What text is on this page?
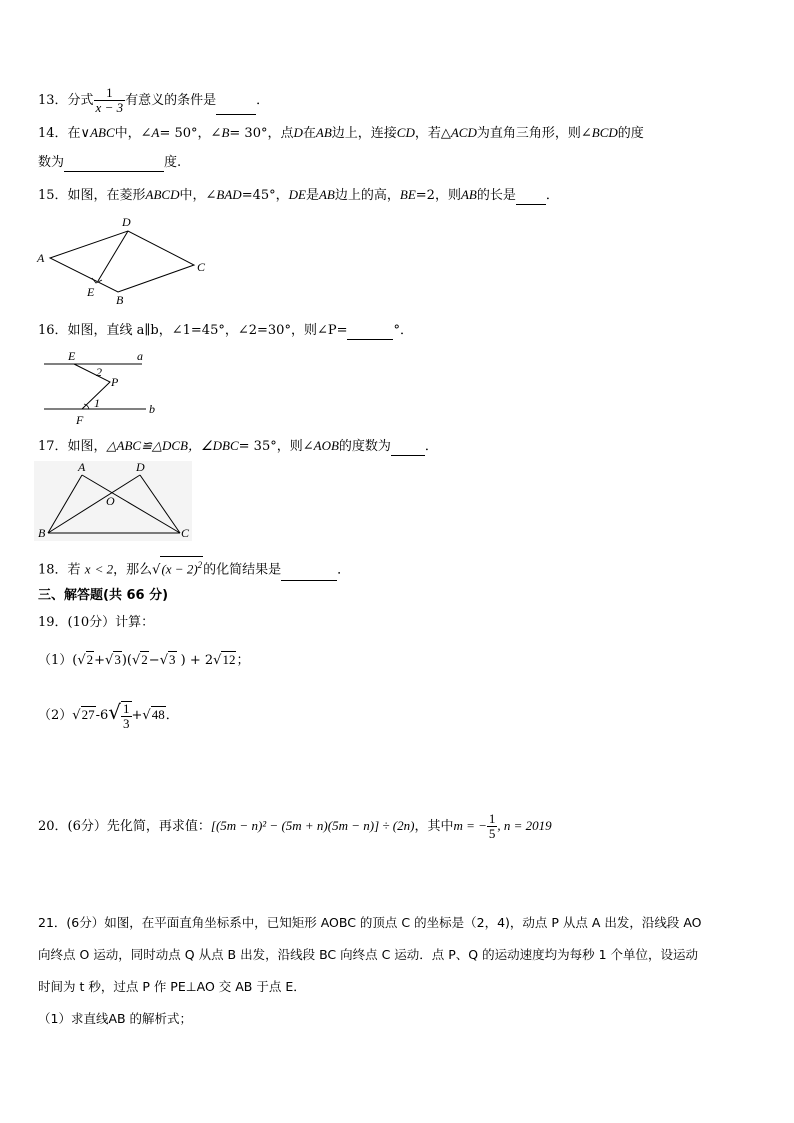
13．分式 $\frac{1}{x - 3}$ 有意义的条件是	．
14．在∨ABC中，∠A= 50°，∠B= 30°，点D在AB边上，连接CD，若△ACD为直角三角形，则∠BCD的度
数为	度.
15．如图，在菱形ABCD中，∠BAD=45°，DE是AB边上的高，BE=2，则AB的长是 ．
A
D
C
E
B
16．如图，直线 a∥b，∠1=45°，∠2=30°，则∠P=	°．
E	a
2
P
1	b
F
17．如图，△ABC≌△DCB，∠DBC= 35°，则∠AOB的度数为	．
A	D
O
B	C
18．若 x < 2，那么$√(x - 2)^2$的化简结果是	．
三、解答题(共 66 分)
19．(10分）计算：
（1）(√2+√3)(√2−√3 ) + 2√12；
$(2)√27-6√ \frac{1}{3} +√48$．
20．(6分）先化简，再求值：[(5m − n)² − (5m + n)(5m − n)] ÷ (2n)，其中m = − $\frac{1}{5}$ , n = 2019
21．(6分）如图，在平面直角坐标系中，已知矩形 AOBC 的顶点 C 的坐标是（2，4)，动点 P 从点 A 出发，沿线段 AO
向终点 O 运动，同时动点 Q 从点 B 出发，沿线段 BC 向终点 C 运动．点 P、Q 的运动速度均为每秒 1 个单位，设运动
时间为 t 秒，过点 P 作 PE⊥AO 交 AB 于点 E．
（1）求直线AB 的解析式；
